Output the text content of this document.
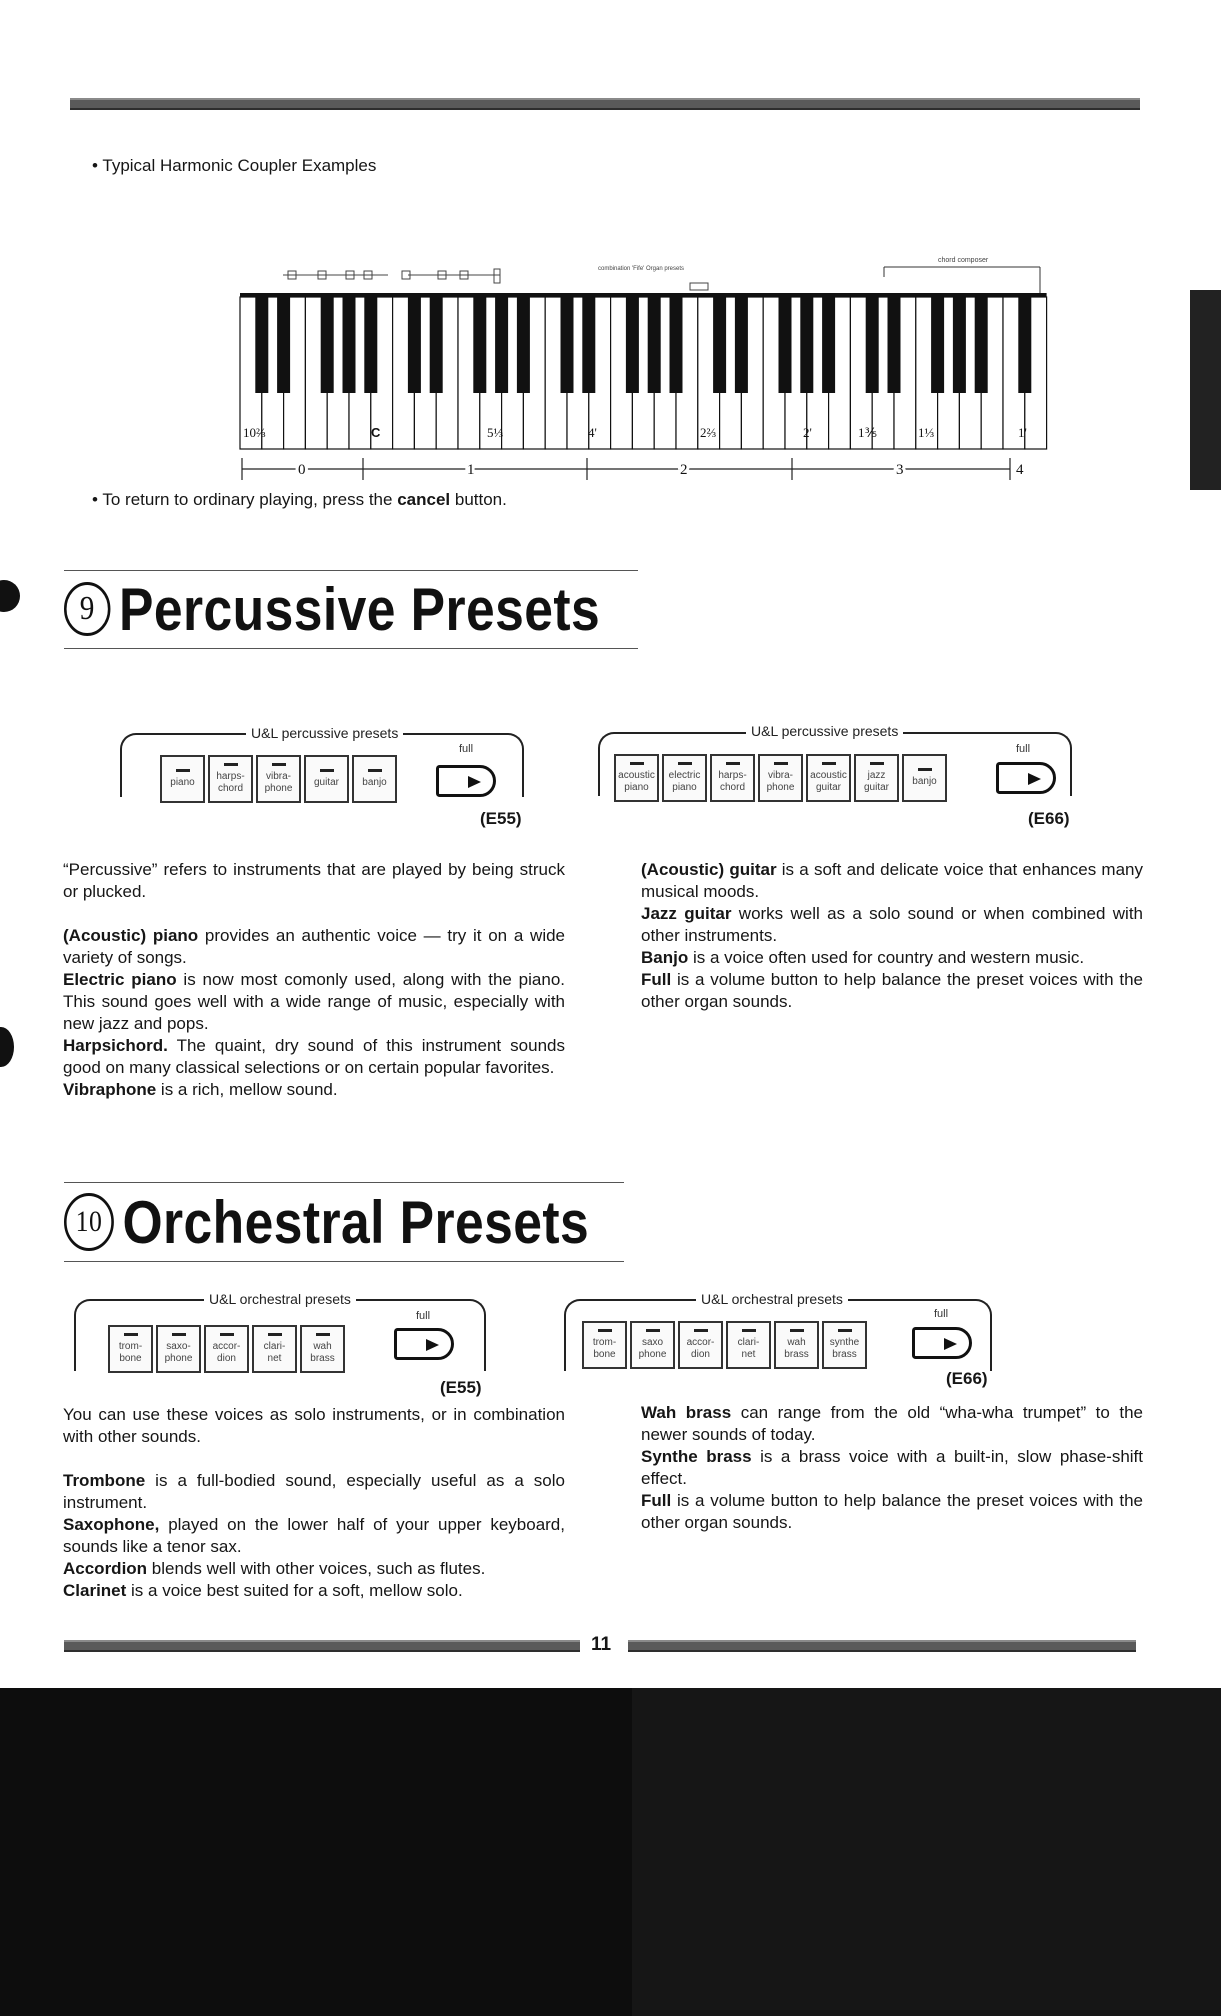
• Typical Harmonic Coupler Examples
combination 'Fife' Organ presets
chord composer
10⅔	C	5⅓	4'	2⅔	2'	1⅗	1⅓	1'
0	1	2	3	4
• To return to ordinary playing, press the cancel button.
9 Percussive Presets
U&L percussive presets
full
piano
harps-
chord
vibra-
phone
guitar banjo
(E55)
U&L percussive presets
full
acoustic
piano
electric
piano
harps-
chord
vibra-
phone
acoustic
guitar
jazz
guitar
banjo
(E66)

“Percussive” refers to instruments that are played by being struck or plucked.

(Acoustic) piano provides an authentic voice — try it on a wide variety of songs.
Electric piano is now most comonly used, along with the piano. This sound goes well with a wide range of music, especially with new jazz and pops.
Harpsichord. The quaint, dry sound of this instrument sounds good on many classical selections or on certain popular favorites.
Vibraphone is a rich, mellow sound.
(Acoustic) guitar is a soft and delicate voice that enhances many musical moods.
Jazz guitar works well as a solo sound or when combined with other instruments.
Banjo is a voice often used for country and western music.
Full is a volume button to help balance the preset voices with the other organ sounds.
10 Orchestral Presets
U&L orchestral presets
full
trom-
bone
saxo-
phone
accor-
dion
clari-
net
wah
brass
(E55)
U&L orchestral presets
full
trom-
bone
saxo
phone
accor-
dion
clari-
net
wah
brass
synthe
brass
(E66)

You can use these voices as solo instruments, or in combination with other sounds.

Trombone is a full-bodied sound, especially useful as a solo instrument.
Saxophone, played on the lower half of your upper keyboard, sounds like a tenor sax.
Accordion blends well with other voices, such as flutes.
Clarinet is a voice best suited for a soft, mellow solo.
Wah brass can range from the old “wha-wha trumpet” to the newer sounds of today.
Synthe brass is a brass voice with a built-in, slow phase-shift effect.
Full is a volume button to help balance the preset voices with the other organ sounds.
11
